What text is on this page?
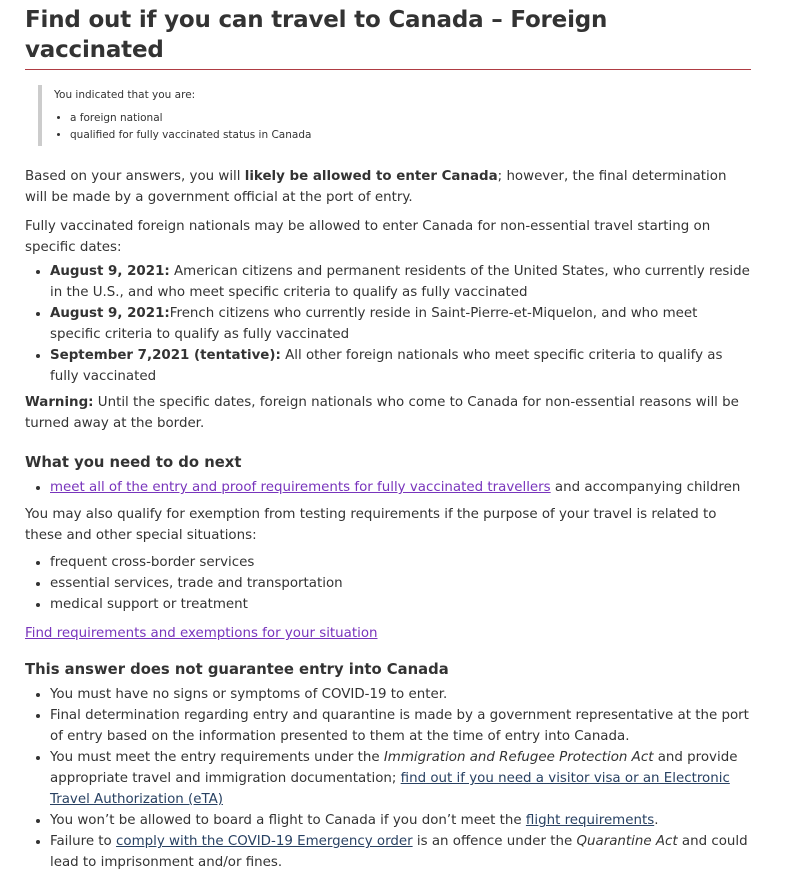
Find out if you can travel to Canada – Foreign vaccinated
You indicated that you are:
• a foreign national
• qualified for fully vaccinated status in Canada

Based on your answers, you will likely be allowed to enter Canada; however, the final determination will be made by a government official at the port of entry.

Fully vaccinated foreign nationals may be allowed to enter Canada for non-essential travel starting on specific dates:

• August 9, 2021: American citizens and permanent residents of the United States, who currently reside in the U.S., and who meet specific criteria to qualify as fully vaccinated
• August 9, 2021:French citizens who currently reside in Saint-Pierre-et-Miquelon, and who meet specific criteria to qualify as fully vaccinated
• September 7,2021 (tentative): All other foreign nationals who meet specific criteria to qualify as fully vaccinated

Warning: Until the specific dates, foreign nationals who come to Canada for non-essential reasons will be turned away at the border.

What you need to do next
• meet all of the entry and proof requirements for fully vaccinated travellers and accompanying children

You may also qualify for exemption from testing requirements if the purpose of your travel is related to these and other special situations:

• frequent cross-border services
• essential services, trade and transportation
• medical support or treatment

Find requirements and exemptions for your situation

This answer does not guarantee entry into Canada
• You must have no signs or symptoms of COVID-19 to enter.
• Final determination regarding entry and quarantine is made by a government representative at the port of entry based on the information presented to them at the time of entry into Canada.
• You must meet the entry requirements under the Immigration and Refugee Protection Act and provide appropriate travel and immigration documentation; find out if you need a visitor visa or an Electronic Travel Authorization (eTA)
• You won’t be allowed to board a flight to Canada if you don’t meet the flight requirements.
• Failure to comply with the COVID-19 Emergency order is an offence under the Quarantine Act and could lead to imprisonment and/or fines.
